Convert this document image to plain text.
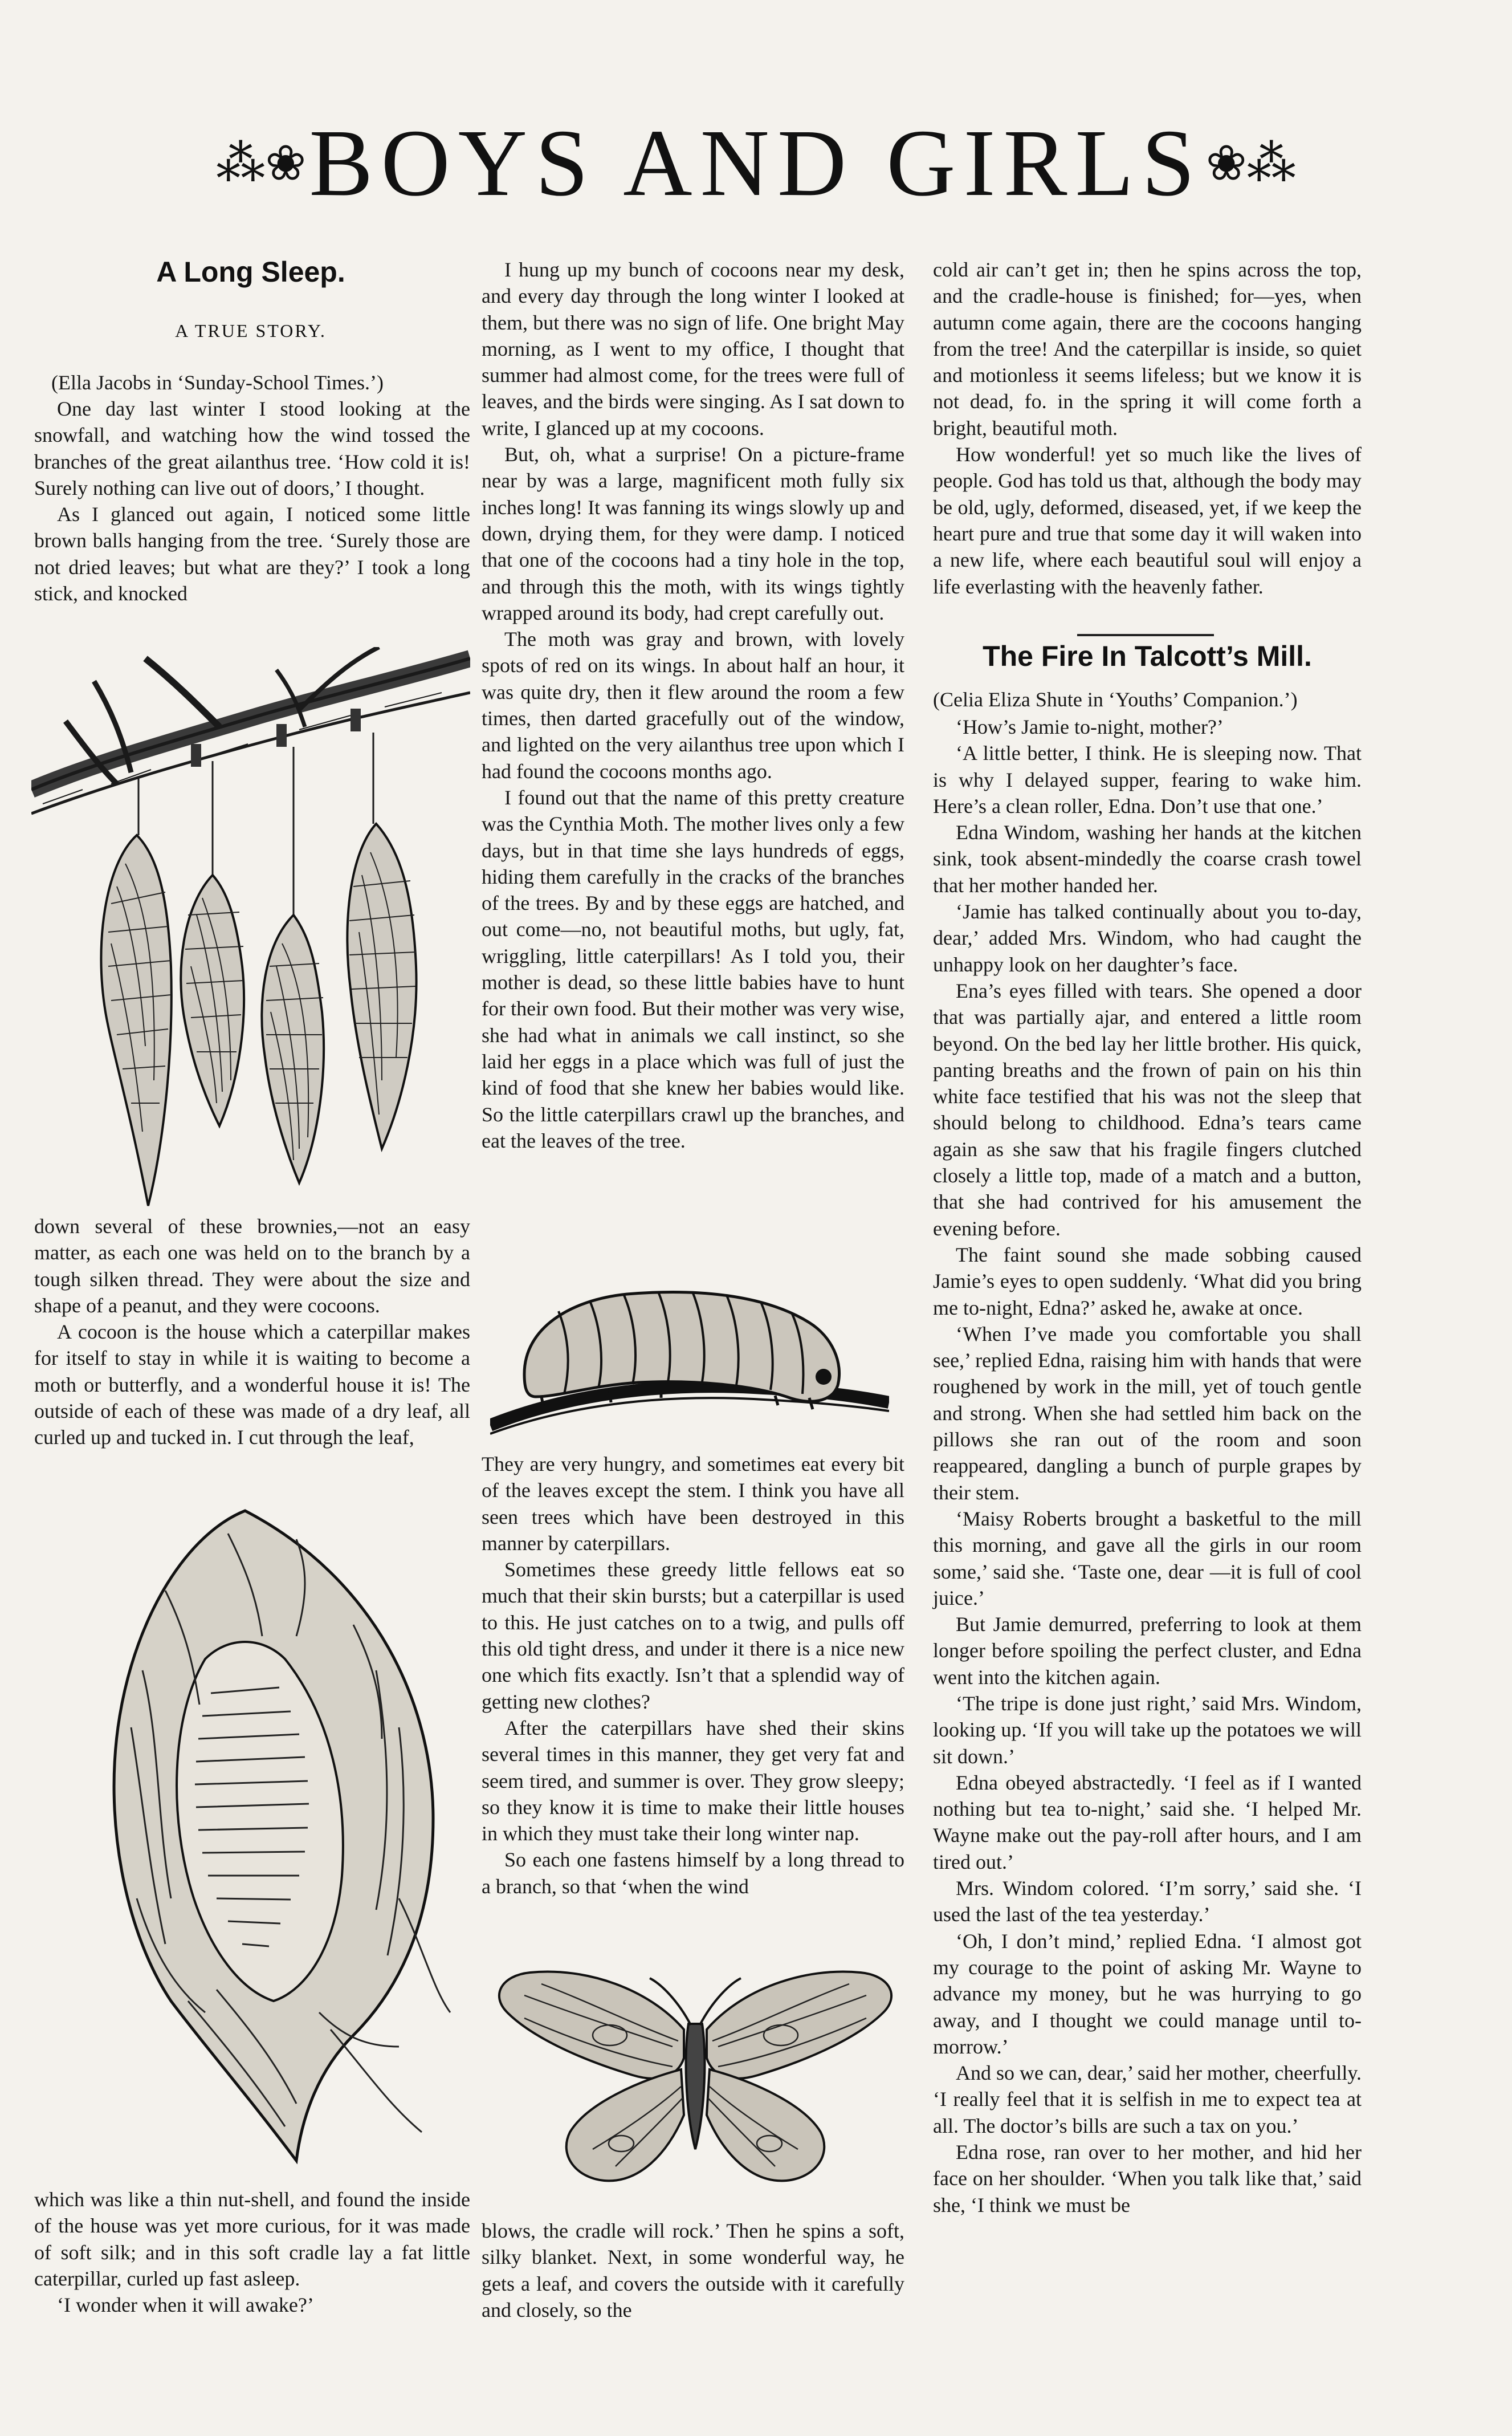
⁂❀ BOYS AND GIRLS ❀⁂
A Long Sleep.
A TRUE STORY.
(Ella Jacobs in ‘Sunday-School Times.’)

One day last winter I stood looking at the snowfall, and watching how the wind tossed the branches of the great ailanthus tree. ‘How cold it is! Surely nothing can live out of doors,’ I thought.

As I glanced out again, I noticed some little brown balls hanging from the tree. ‘Surely those are not dried leaves; but what are they?’ I took a long stick, and knocked

down several of these brownies,—not an easy matter, as each one was held on to the branch by a tough silken thread. They were about the size and shape of a peanut, and they were cocoons.

A cocoon is the house which a caterpillar makes for itself to stay in while it is waiting to become a moth or butterfly, and a wonderful house it is! The outside of each of these was made of a dry leaf, all curled up and tucked in. I cut through the leaf,

which was like a thin nut-shell, and found the inside of the house was yet more curious, for it was made of soft silk; and in this soft cradle lay a fat little caterpillar, curled up fast asleep.

‘I wonder when it will awake?’

I hung up my bunch of cocoons near my desk, and every day through the long winter I looked at them, but there was no sign of life. One bright May morning, as I went to my office, I thought that summer had almost come, for the trees were full of leaves, and the birds were singing. As I sat down to write, I glanced up at my cocoons.

But, oh, what a surprise! On a picture-frame near by was a large, magnificent moth fully six inches long! It was fanning its wings slowly up and down, drying them, for they were damp. I noticed that one of the cocoons had a tiny hole in the top, and through this the moth, with its wings tightly wrapped around its body, had crept carefully out.

The moth was gray and brown, with lovely spots of red on its wings. In about half an hour, it was quite dry, then it flew around the room a few times, then darted gracefully out of the window, and lighted on the very ailanthus tree upon which I had found the cocoons months ago.

I found out that the name of this pretty creature was the Cynthia Moth. The mother lives only a few days, but in that time she lays hundreds of eggs, hiding them carefully in the cracks of the branches of the trees. By and by these eggs are hatched, and out come—no, not beautiful moths, but ugly, fat, wriggling, little caterpillars! As I told you, their mother is dead, so these little babies have to hunt for their own food. But their mother was very wise, she had what in animals we call instinct, so she laid her eggs in a place which was full of just the kind of food that she knew her babies would like. So the little caterpillars crawl up the branches, and eat the leaves of the tree.

They are very hungry, and sometimes eat every bit of the leaves except the stem. I think you have all seen trees which have been destroyed in this manner by caterpillars.

Sometimes these greedy little fellows eat so much that their skin bursts; but a caterpillar is used to this. He just catches on to a twig, and pulls off this old tight dress, and under it there is a nice new one which fits exactly. Isn’t that a splendid way of getting new clothes?

After the caterpillars have shed their skins several times in this manner, they get very fat and seem tired, and summer is over. They grow sleepy; so they know it is time to make their little houses in which they must take their long winter nap.

So each one fastens himself by a long thread to a branch, so that ‘when the wind

blows, the cradle will rock.’ Then he spins a soft, silky blanket. Next, in some wonderful way, he gets a leaf, and covers the outside with it carefully and closely, so the

cold air can’t get in; then he spins across the top, and the cradle-house is finished; for—yes, when autumn come again, there are the cocoons hanging from the tree! And the caterpillar is inside, so quiet and motionless it seems lifeless; but we know it is not dead, fo. in the spring it will come forth a bright, beautiful moth.

How wonderful! yet so much like the lives of people. God has told us that, although the body may be old, ugly, deformed, diseased, yet, if we keep the heart pure and true that some day it will waken into a new life, where each beautiful soul will enjoy a life everlasting with the heavenly father.

The Fire In Talcott’s Mill.
(Celia Eliza Shute in ‘Youths’ Companion.’)

‘How’s Jamie to-night, mother?’

‘A little better, I think. He is sleeping now. That is why I delayed supper, fearing to wake him. Here’s a clean roller, Edna. Don’t use that one.’

Edna Windom, washing her hands at the kitchen sink, took absent-mindedly the coarse crash towel that her mother handed her.

‘Jamie has talked continually about you to-day, dear,’ added Mrs. Windom, who had caught the unhappy look on her daughter’s face.

Ena’s eyes filled with tears. She opened a door that was partially ajar, and entered a little room beyond. On the bed lay her little brother. His quick, panting breaths and the frown of pain on his thin white face testified that his was not the sleep that should belong to childhood. Edna’s tears came again as she saw that his fragile fingers clutched closely a little top, made of a match and a button, that she had contrived for his amusement the evening before.

The faint sound she made sobbing caused Jamie’s eyes to open suddenly. ‘What did you bring me to-night, Edna?’ asked he, awake at once.

‘When I’ve made you comfortable you shall see,’ replied Edna, raising him with hands that were roughened by work in the mill, yet of touch gentle and strong. When she had settled him back on the pillows she ran out of the room and soon reappeared, dangling a bunch of purple grapes by their stem.

‘Maisy Roberts brought a basketful to the mill this morning, and gave all the girls in our room some,’ said she. ‘Taste one, dear —it is full of cool juice.’

But Jamie demurred, preferring to look at them longer before spoiling the perfect cluster, and Edna went into the kitchen again.

‘The tripe is done just right,’ said Mrs. Windom, looking up. ‘If you will take up the potatoes we will sit down.’

Edna obeyed abstractedly. ‘I feel as if I wanted nothing but tea to-night,’ said she. ‘I helped Mr. Wayne make out the pay-roll after hours, and I am tired out.’

Mrs. Windom colored. ‘I’m sorry,’ said she. ‘I used the last of the tea yesterday.’

‘Oh, I don’t mind,’ replied Edna. ‘I almost got my courage to the point of asking Mr. Wayne to advance my money, but he was hurrying to go away, and I thought we could manage until to-morrow.’

And so we can, dear,’ said her mother, cheerfully. ‘I really feel that it is selfish in me to expect tea at all. The doctor’s bills are such a tax on you.’

Edna rose, ran over to her mother, and hid her face on her shoulder. ‘When you talk like that,’ said she, ‘I think we must be
